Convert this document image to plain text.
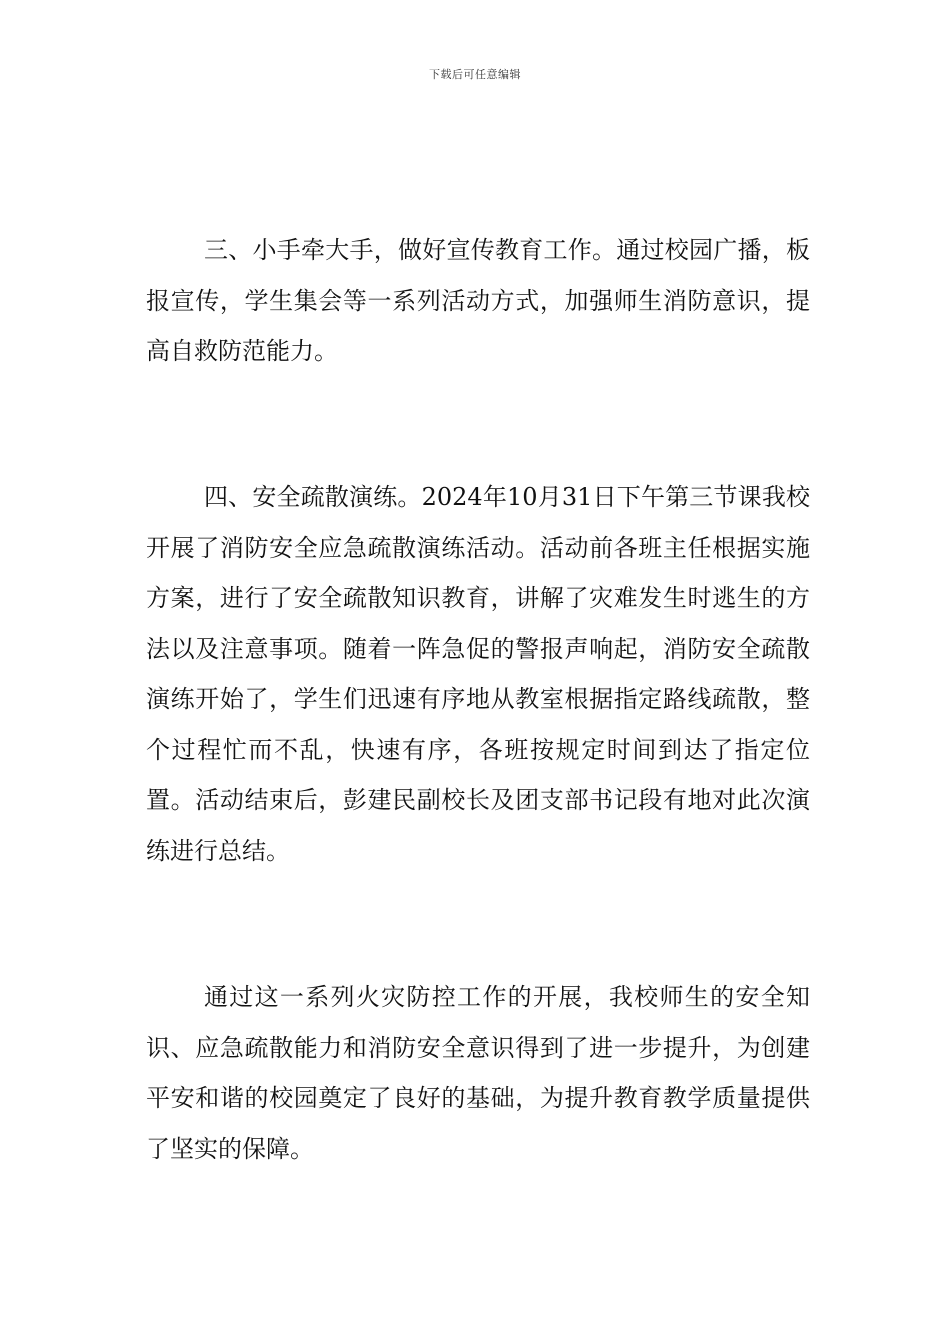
下载后可任意编辑

三、小手牵大手，做好宣传教育工作。通过校园广播，板报宣传，学生集会等一系列活动方式，加强师生消防意识，提高自救防范能力。

四、安全疏散演练。2024年10月31日下午第三节课我校开展了消防安全应急疏散演练活动。活动前各班主任根据实施方案，进行了安全疏散知识教育，讲解了灾难发生时逃生的方法以及注意事项。随着一阵急促的警报声响起，消防安全疏散演练开始了，学生们迅速有序地从教室根据指定路线疏散，整个过程忙而不乱，快速有序，各班按规定时间到达了指定位置。活动结束后，彭建民副校长及团支部书记段有地对此次演练进行总结。

通过这一系列火灾防控工作的开展，我校师生的安全知识、应急疏散能力和消防安全意识得到了进一步提升，为创建平安和谐的校园奠定了良好的基础，为提升教育教学质量提供了坚实的保障。
